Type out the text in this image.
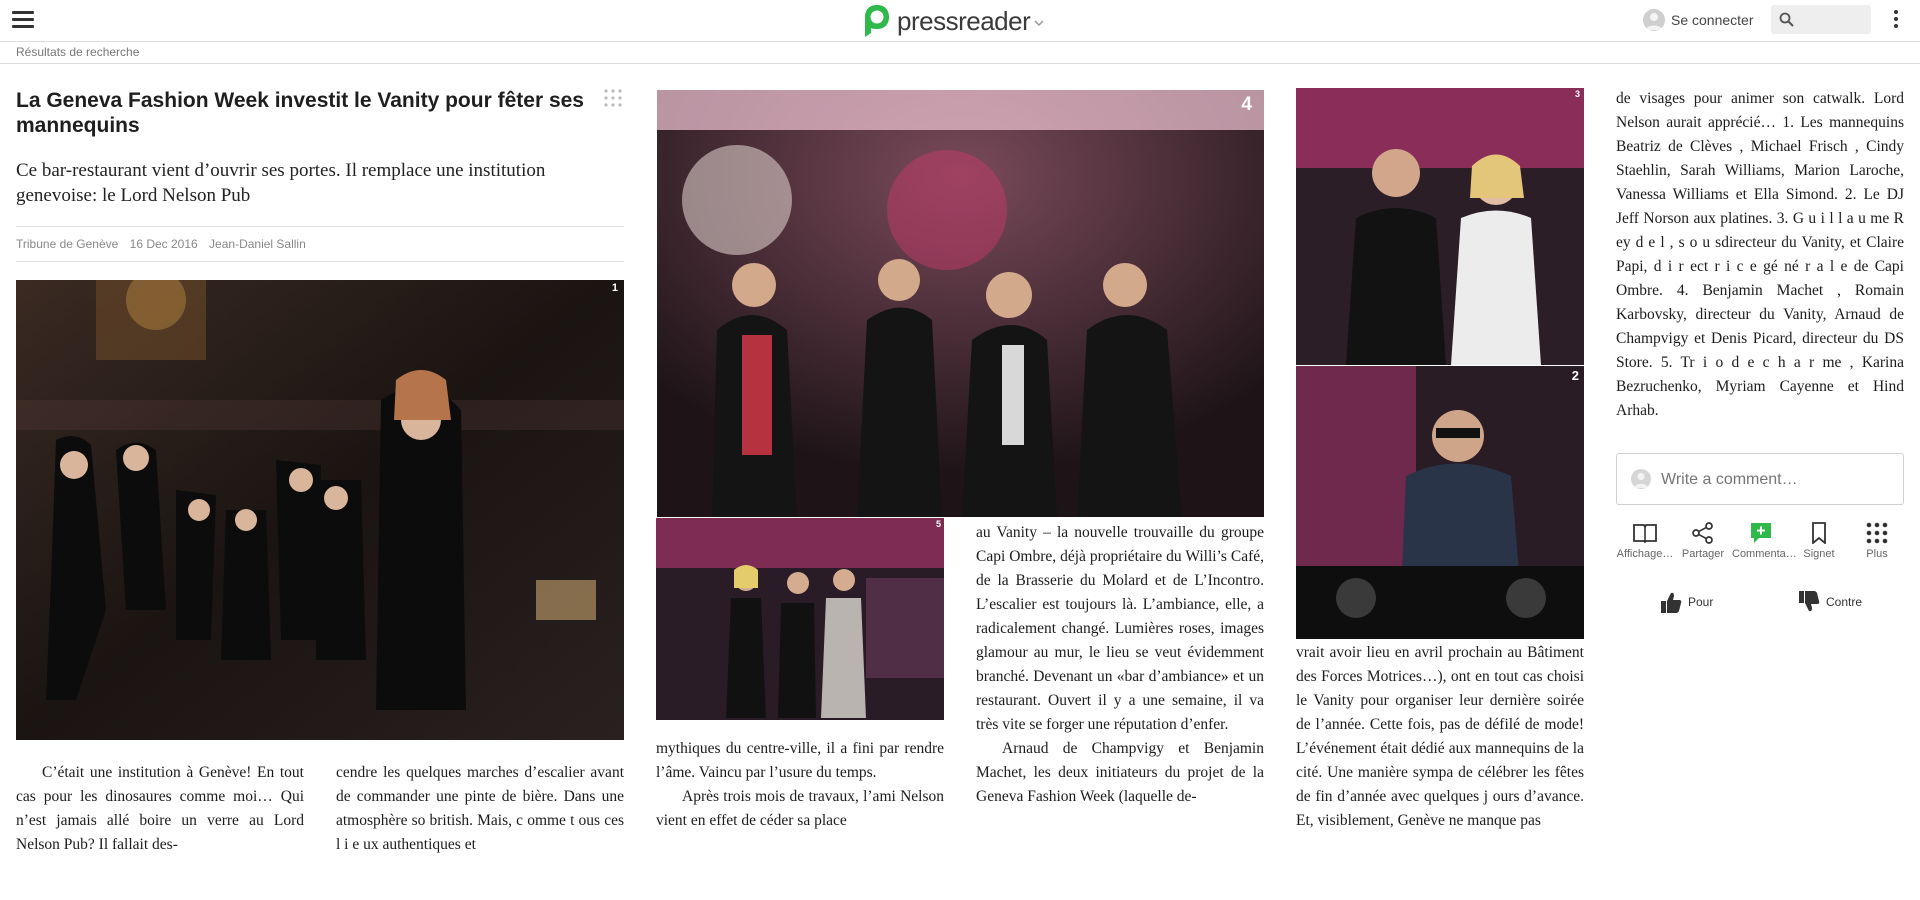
pressreader	Se connecter
Résultats de recherche
La Geneva Fashion Week investit le Vanity pour fêter ses mannequins
Ce bar-restaurant vient d’ouvrir ses portes. Il remplace une institution genevoise: le Lord Nelson Pub
Tribune de Genève 16 Dec 2016 Jean-Daniel Sallin
1
4
5
3
2

C’était une institution à Genève! En tout cas pour les dinosaures comme moi… Qui n’est jamais allé boire un verre au Lord Nelson Pub? Il fallait des-

cendre les quelques marches d’escalier avant de commander une pinte de bière. Dans une atmosphère so british. Mais, c omme t ous ces l i e ux authentiques et

mythiques du centre-ville, il a fini par rendre l’âme. Vaincu par l’usure du temps.

Après trois mois de travaux, l’ami Nelson vient en effet de céder sa place

au Vanity – la nouvelle trouvaille du groupe Capi Ombre, déjà propriétaire du Willi’s Café, de la Brasserie du Molard et de L’Incontro. L’escalier est toujours là. L’ambiance, elle, a radicalement changé. Lumières roses, images glamour au mur, le lieu se veut évidemment branché. Devenant un «bar d’ambiance» et un restaurant. Ouvert il y a une semaine, il va très vite se forger une réputation d’enfer.

Arnaud de Champvigy et Benjamin Machet, les deux initiateurs du projet de la Geneva Fashion Week (laquelle de-

vrait avoir lieu en avril prochain au Bâtiment des Forces Motrices…), ont en tout cas choisi le Vanity pour organiser leur dernière soirée de l’année. Cette fois, pas de défilé de mode! L’événement était dédié aux mannequins de la cité. Une manière sympa de célébrer les fêtes de fin d’année avec quelques j ours d’avance. Et, visiblement, Genève ne manque pas

de visages pour animer son catwalk. Lord Nelson aurait apprécié… 1. Les mannequins Beatriz de Clèves , Michael Frisch , Cindy Staehlin, Sarah Williams, Marion Laroche, Vanessa Williams et Ella Simond. 2. Le DJ Jeff Norson aux platines. 3. G u i l l a u me R ey d e l , s o u sdirecteur du Vanity, et Claire Papi, d i r ect r i c e gé né r a l e de Capi Ombre. 4. Benjamin Machet , Romain Karbovsky, directeur du Vanity, Arnaud de Champvigy et Denis Picard, directeur du DS Store. 5. Tr i o d e c h a r me , Karina Bezruchenko, Myriam Cayenne et Hind Arhab.

Write a comment…
Affichage… Partager Commenta… Signet	Plus
Pour	Contre
